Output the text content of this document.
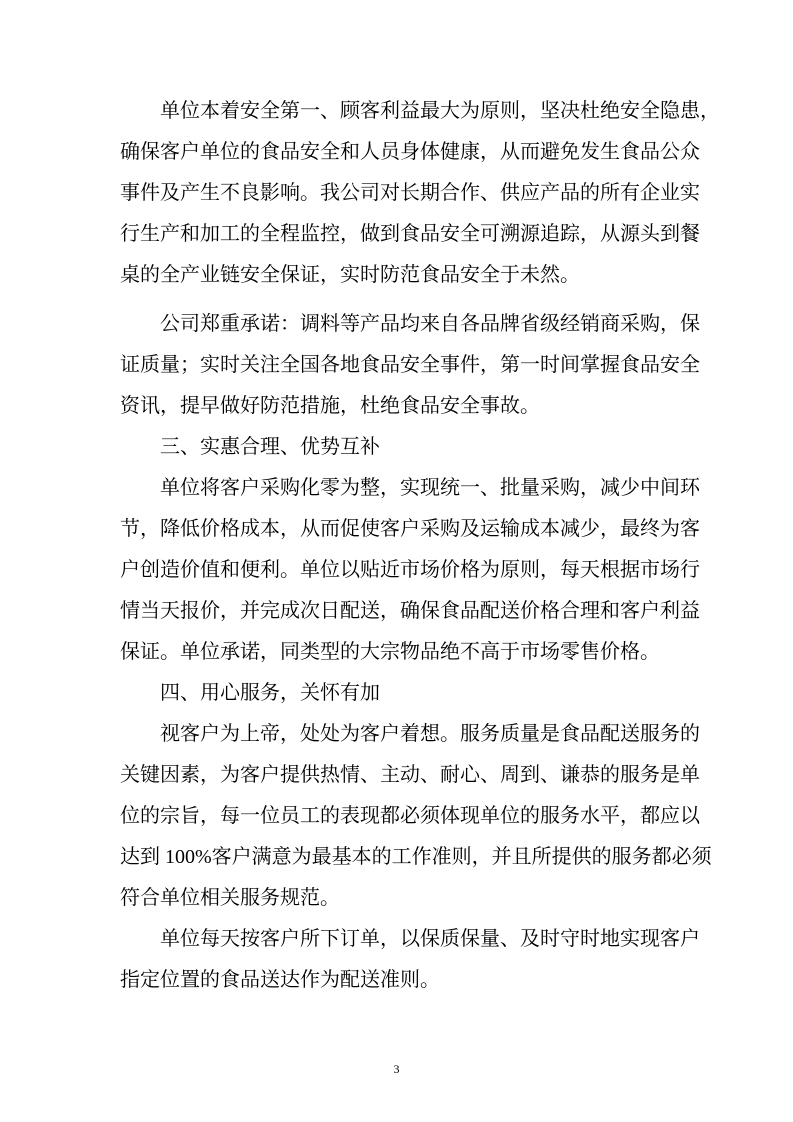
单位本着安全第一、顾客利益最大为原则，坚决杜绝安全隐患，
确保客户单位的食品安全和人员身体健康，从而避免发生食品公众
事件及产生不良影响。我公司对长期合作、供应产品的所有企业实
行生产和加工的全程监控，做到食品安全可溯源追踪，从源头到餐
桌的全产业链安全保证，实时防范食品安全于未然。
公司郑重承诺：调料等产品均来自各品牌省级经销商采购，保
证质量；实时关注全国各地食品安全事件，第一时间掌握食品安全
资讯，提早做好防范措施，杜绝食品安全事故。
三、实惠合理、优势互补
单位将客户采购化零为整，实现统一、批量采购，减少中间环
节，降低价格成本，从而促使客户采购及运输成本减少，最终为客
户创造价值和便利。单位以贴近市场价格为原则，每天根据市场行
情当天报价，并完成次日配送，确保食品配送价格合理和客户利益
保证。单位承诺，同类型的大宗物品绝不高于市场零售价格。
四、用心服务，关怀有加
视客户为上帝，处处为客户着想。服务质量是食品配送服务的
关键因素，为客户提供热情、主动、耐心、周到、谦恭的服务是单
位的宗旨，每一位员工的表现都必须体现单位的服务水平，都应以
达到 100%客户满意为最基本的工作准则，并且所提供的服务都必须
符合单位相关服务规范。
单位每天按客户所下订单，以保质保量、及时守时地实现客户
指定位置的食品送达作为配送准则。
3
